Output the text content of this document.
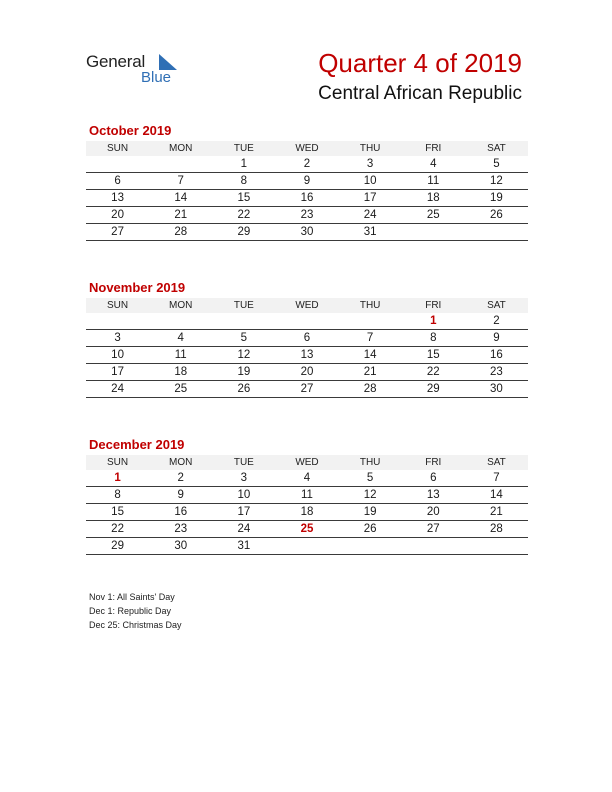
General
Blue	Quarter 4 of 2019
Central African Republic
October 2019
SUN	MON	TUE	WED	THU	FRI	SAT
		1	2	3	4	5
6	7	8	9	10	11	12
13	14	15	16	17	18	19
20	21	22	23	24	25	26
27	28	29	30	31		
November 2019
SUN	MON	TUE	WED	THU	FRI	SAT
					1	2
3	4	5	6	7	8	9
10	11	12	13	14	15	16
17	18	19	20	21	22	23
24	25	26	27	28	29	30
December 2019
SUN	MON	TUE	WED	THU	FRI	SAT
1	2	3	4	5	6	7
8	9	10	11	12	13	14
15	16	17	18	19	20	21
22	23	24	25	26	27	28
29	30	31				
Nov 1: All Saints' Day
Dec 1: Republic Day
Dec 25: Christmas Day
